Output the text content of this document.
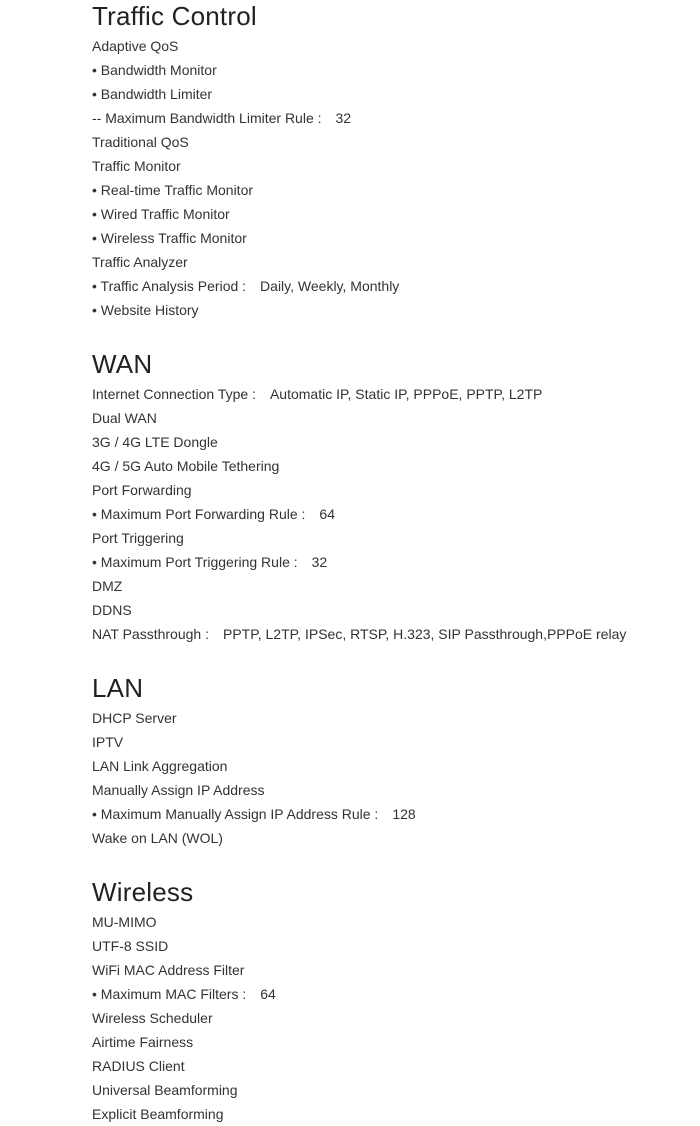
Traffic Control
Adaptive QoS
• Bandwidth Monitor
• Bandwidth Limiter
-- Maximum Bandwidth Limiter Rule : 32
Traditional QoS
Traffic Monitor
• Real-time Traffic Monitor
• Wired Traffic Monitor
• Wireless Traffic Monitor
Traffic Analyzer
• Traffic Analysis Period : Daily, Weekly, Monthly
• Website History
WAN
Internet Connection Type : Automatic IP, Static IP, PPPoE, PPTP, L2TP
Dual WAN
3G / 4G LTE Dongle
4G / 5G Auto Mobile Tethering
Port Forwarding
• Maximum Port Forwarding Rule : 64
Port Triggering
• Maximum Port Triggering Rule : 32
DMZ
DDNS
NAT Passthrough : PPTP, L2TP, IPSec, RTSP, H.323, SIP Passthrough,PPPoE relay
LAN
DHCP Server
IPTV
LAN Link Aggregation
Manually Assign IP Address
• Maximum Manually Assign IP Address Rule : 128
Wake on LAN (WOL)
Wireless
MU-MIMO
UTF-8 SSID
WiFi MAC Address Filter
• Maximum MAC Filters : 64
Wireless Scheduler
Airtime Fairness
RADIUS Client
Universal Beamforming
Explicit Beamforming
